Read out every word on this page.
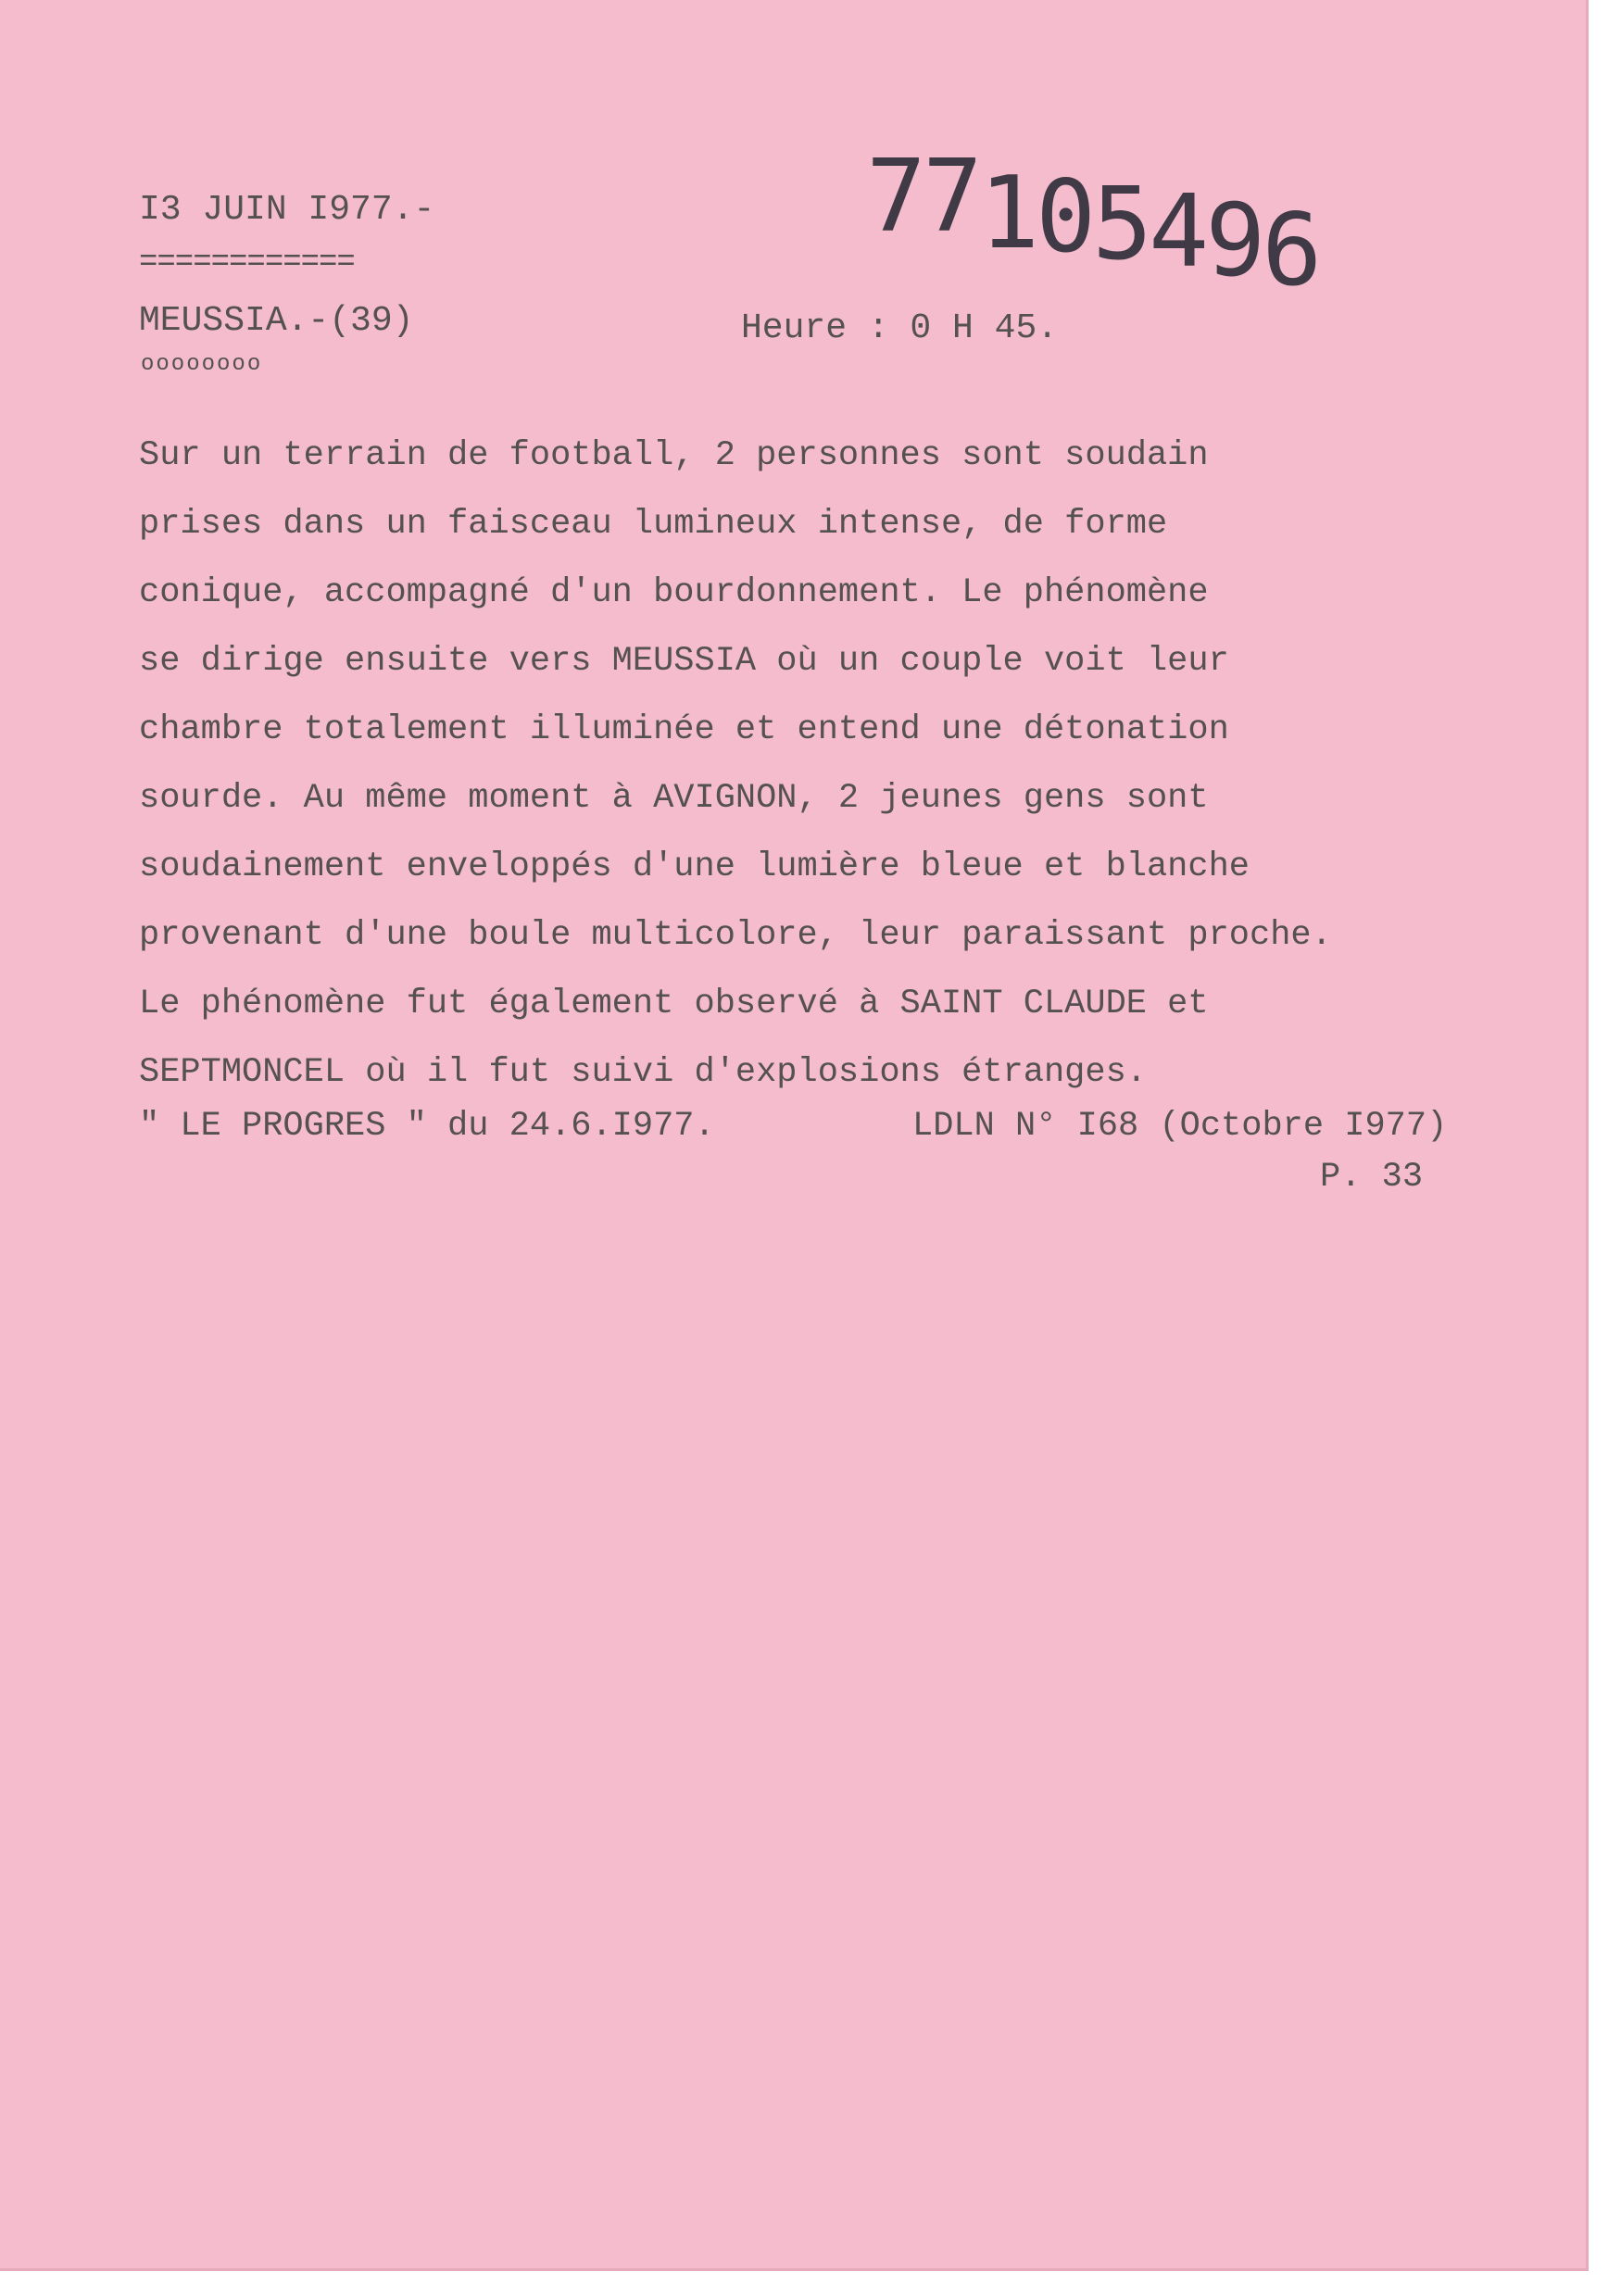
77105496
I3 JUIN I977.-
============
MEUSSIA.-(39)
oooooooo
Heure : 0 H 45.
Sur un terrain de football, 2 personnes sont soudain
prises dans un faisceau lumineux intense, de forme
conique, accompagné d'un bourdonnement. Le phénomène
se dirige ensuite vers MEUSSIA où un couple voit leur
chambre totalement illuminée et entend une détonation
sourde. Au même moment à AVIGNON, 2 jeunes gens sont
soudainement enveloppés d'une lumière bleue et blanche
provenant d'une boule multicolore, leur paraissant proche.
Le phénomène fut également observé à SAINT CLAUDE et
SEPTMONCEL où il fut suivi d'explosions étranges.
" LE PROGRES " du 24.6.I977.	LDLN N° I68 (Octobre I977)
P. 33
